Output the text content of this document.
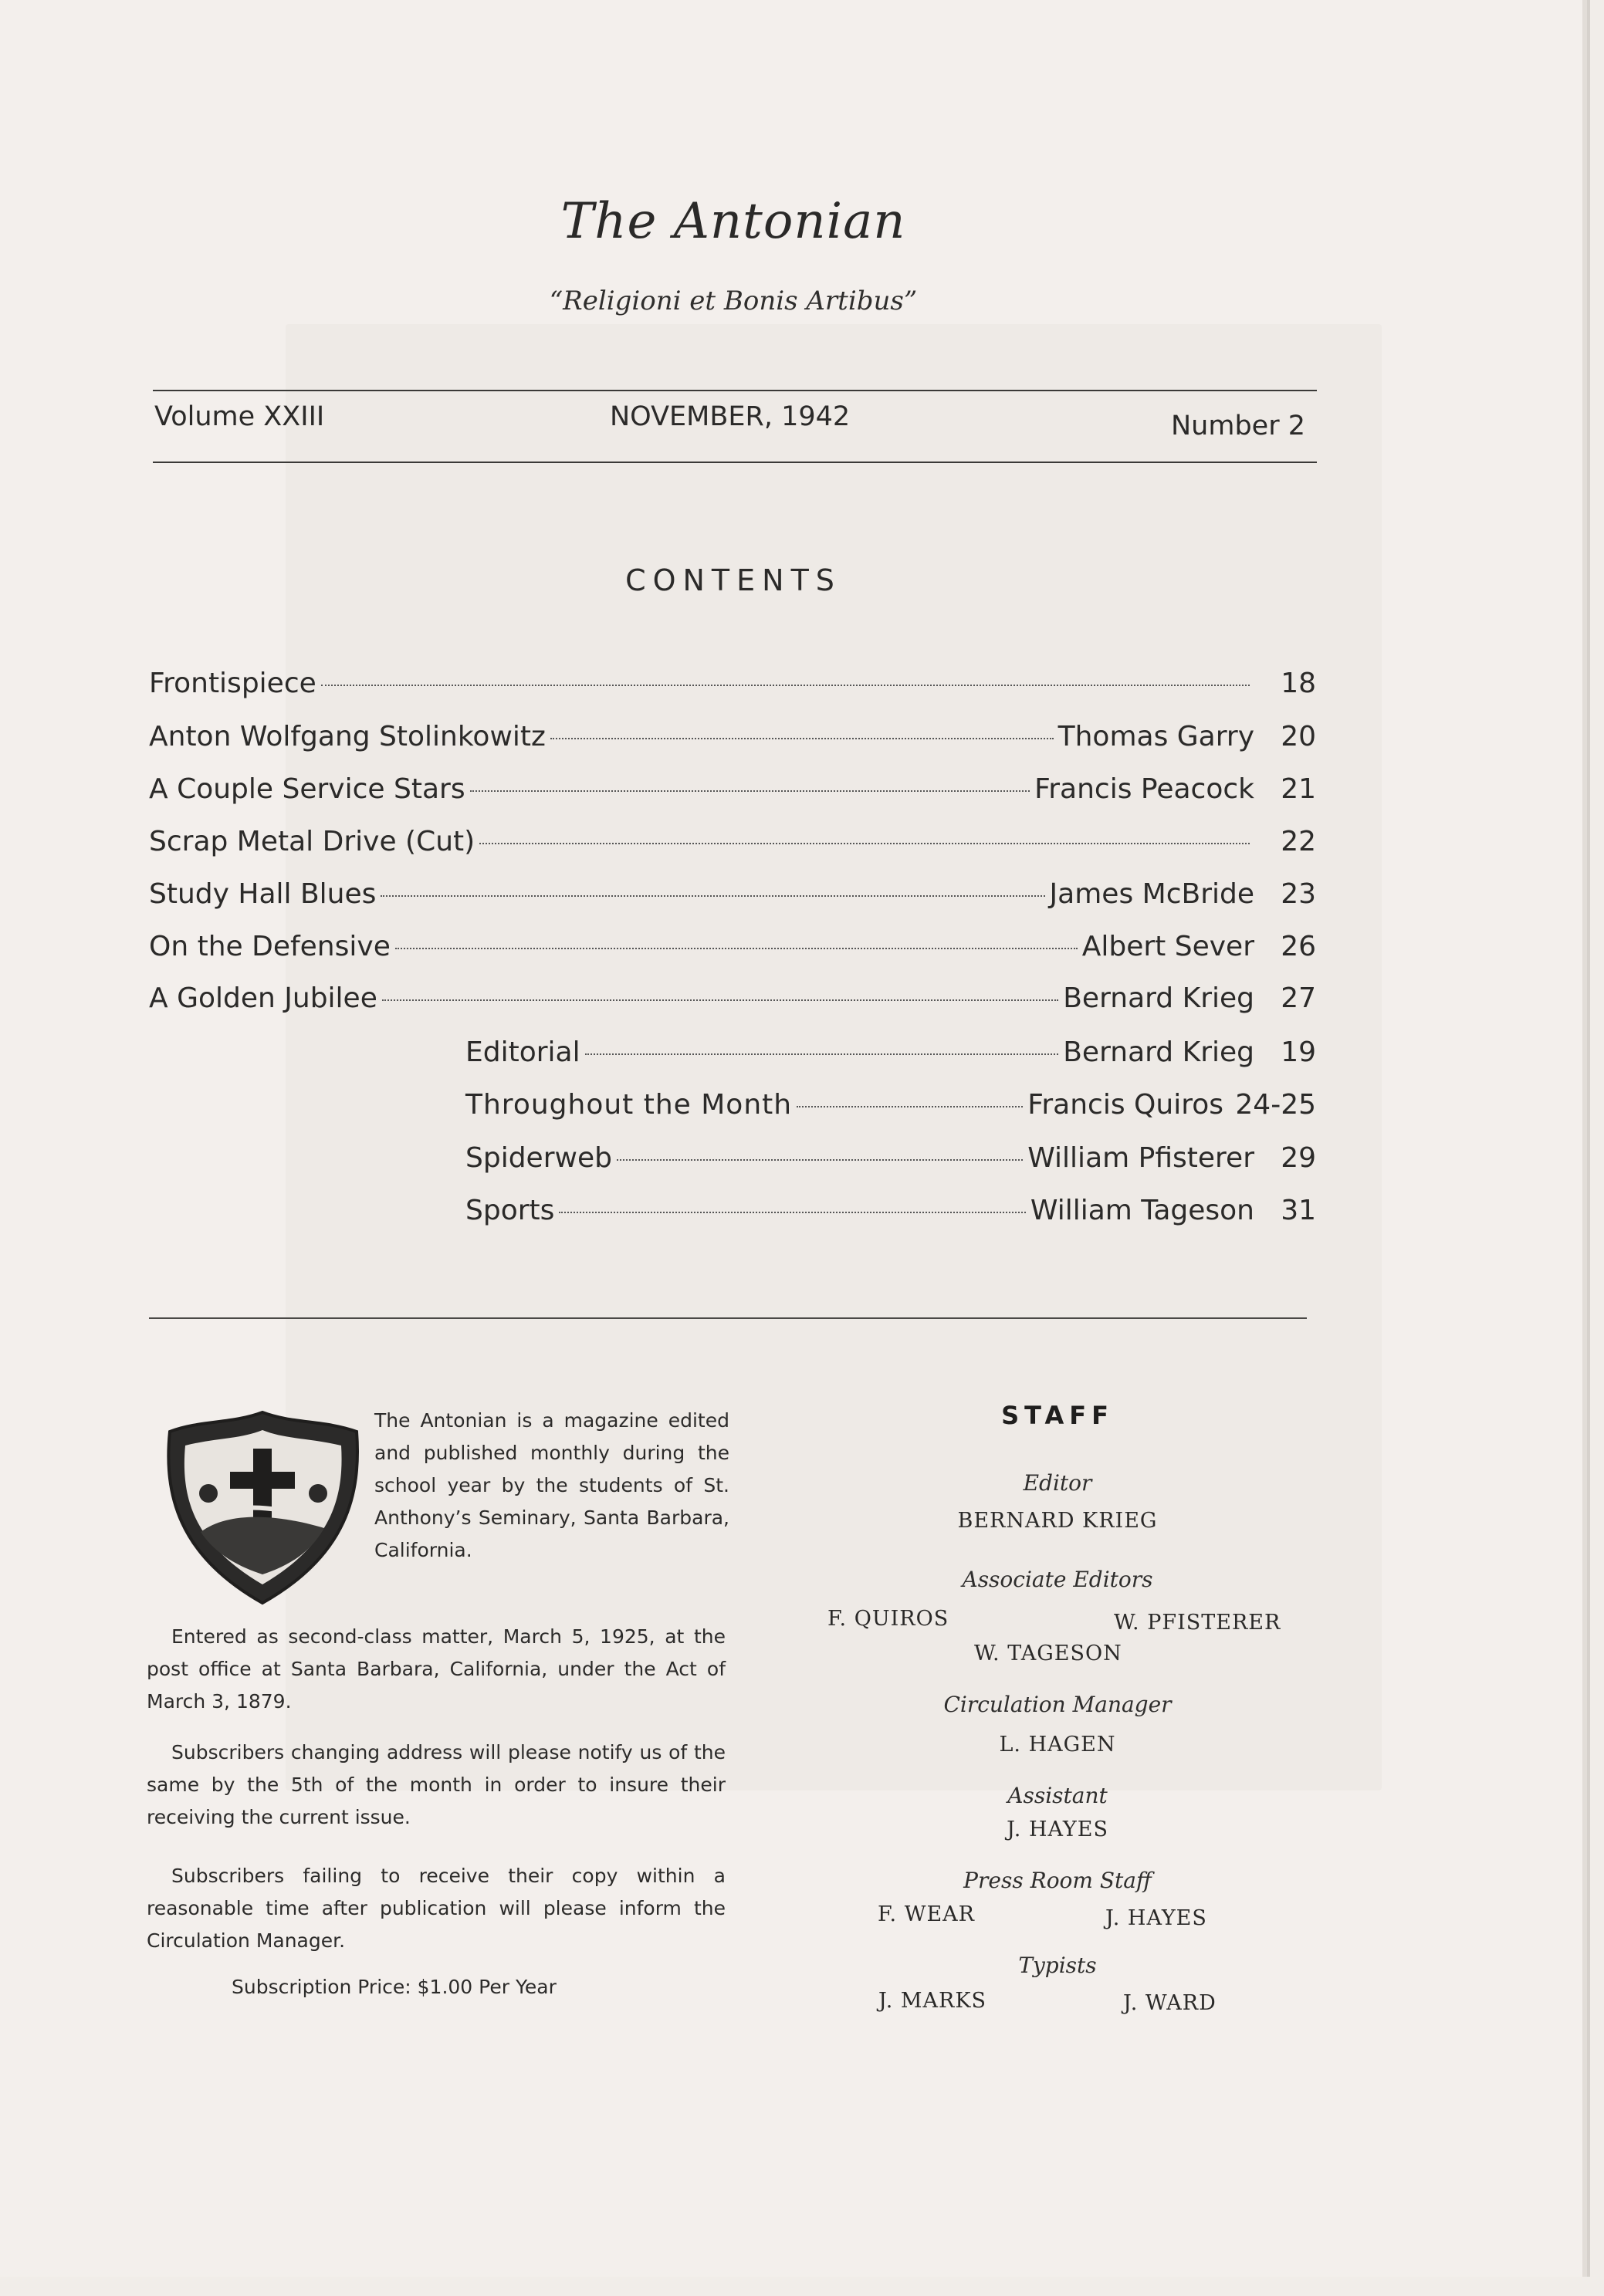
The Antonian
“Religioni et Bonis Artibus”
Volume XXIII	NOVEMBER, 1942	Number 2
CONTENTS
Frontispiece	18
Anton Wolfgang Stolinkowitz	Thomas Garry 20
A Couple Service Stars	Francis Peacock 21
Scrap Metal Drive (Cut)	22
Study Hall Blues	James McBride 23
On the Defensive	Albert Sever 26
A Golden Jubilee	Bernard Krieg 27
Editorial	Bernard Krieg 19
Throughout the Month	Francis Quiros 24-25
Spiderweb	William Pfisterer 29
Sports	William Tageson 31
The Antonian is a magazine edited and published monthly during the school year by the students of St. Anthony’s Seminary, Santa Barbara, California.
Entered as second-class matter, March 5, 1925, at the post office at Santa Barbara, California, under the Act of March 3, 1879.
Subscribers changing address will please notify us of the same by the 5th of the month in order to insure their receiving the current issue.
Subscribers failing to receive their copy within a reasonable time after publication will please inform the Circulation Manager.
Subscription Price: $1.00 Per Year
STAFF
Editor
BERNARD KRIEG
Associate Editors
F. QUIROS	W. PFISTERER
W. TAGESON
Circulation Manager
L. HAGEN
Assistant
J. HAYES
Press Room Staff
F. WEAR	J. HAYES
Typists
J. MARKS	J. WARD
